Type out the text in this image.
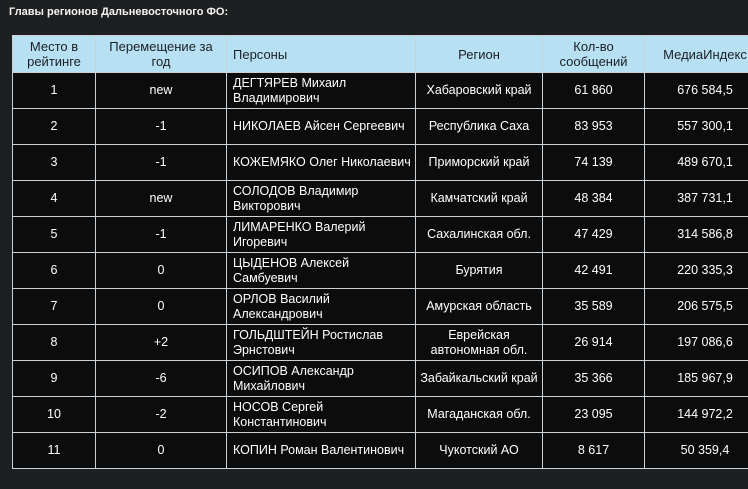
Главы регионов Дальневосточного ФО:
Место в рейтинге	Перемещение за год	Персоны	Регион	Кол-во сообщений	МедиаИндекс
1	new	ДЕГТЯРЕВ Михаил Владимирович	Хабаровский край	61 860	676 584,5
2	-1	НИКОЛАЕВ Айсен Сергеевич	Республика Саха	83 953	557 300,1
3	-1	КОЖЕМЯКО Олег Николаевич	Приморский край	74 139	489 670,1
4	new	СОЛОДОВ Владимир Викторович	Камчатский край	48 384	387 731,1
5	-1	ЛИМАРЕНКО Валерий Игоревич	Сахалинская обл.	47 429	314 586,8
6	0	ЦЫДЕНОВ Алексей Самбуевич	Бурятия	42 491	220 335,3
7	0	ОРЛОВ Василий Александрович	Амурская область	35 589	206 575,5
8	+2	ГОЛЬДШТЕЙН Ростислав Эрнстович	Еврейская автономная обл.	26 914	197 086,6
9	-6	ОСИПОВ Александр Михайлович	Забайкальский край	35 366	185 967,9
10	-2	НОСОВ Сергей Константинович	Магаданская обл.	23 095	144 972,2
11	0	КОПИН Роман Валентинович	Чукотский АО	8 617	50 359,4
